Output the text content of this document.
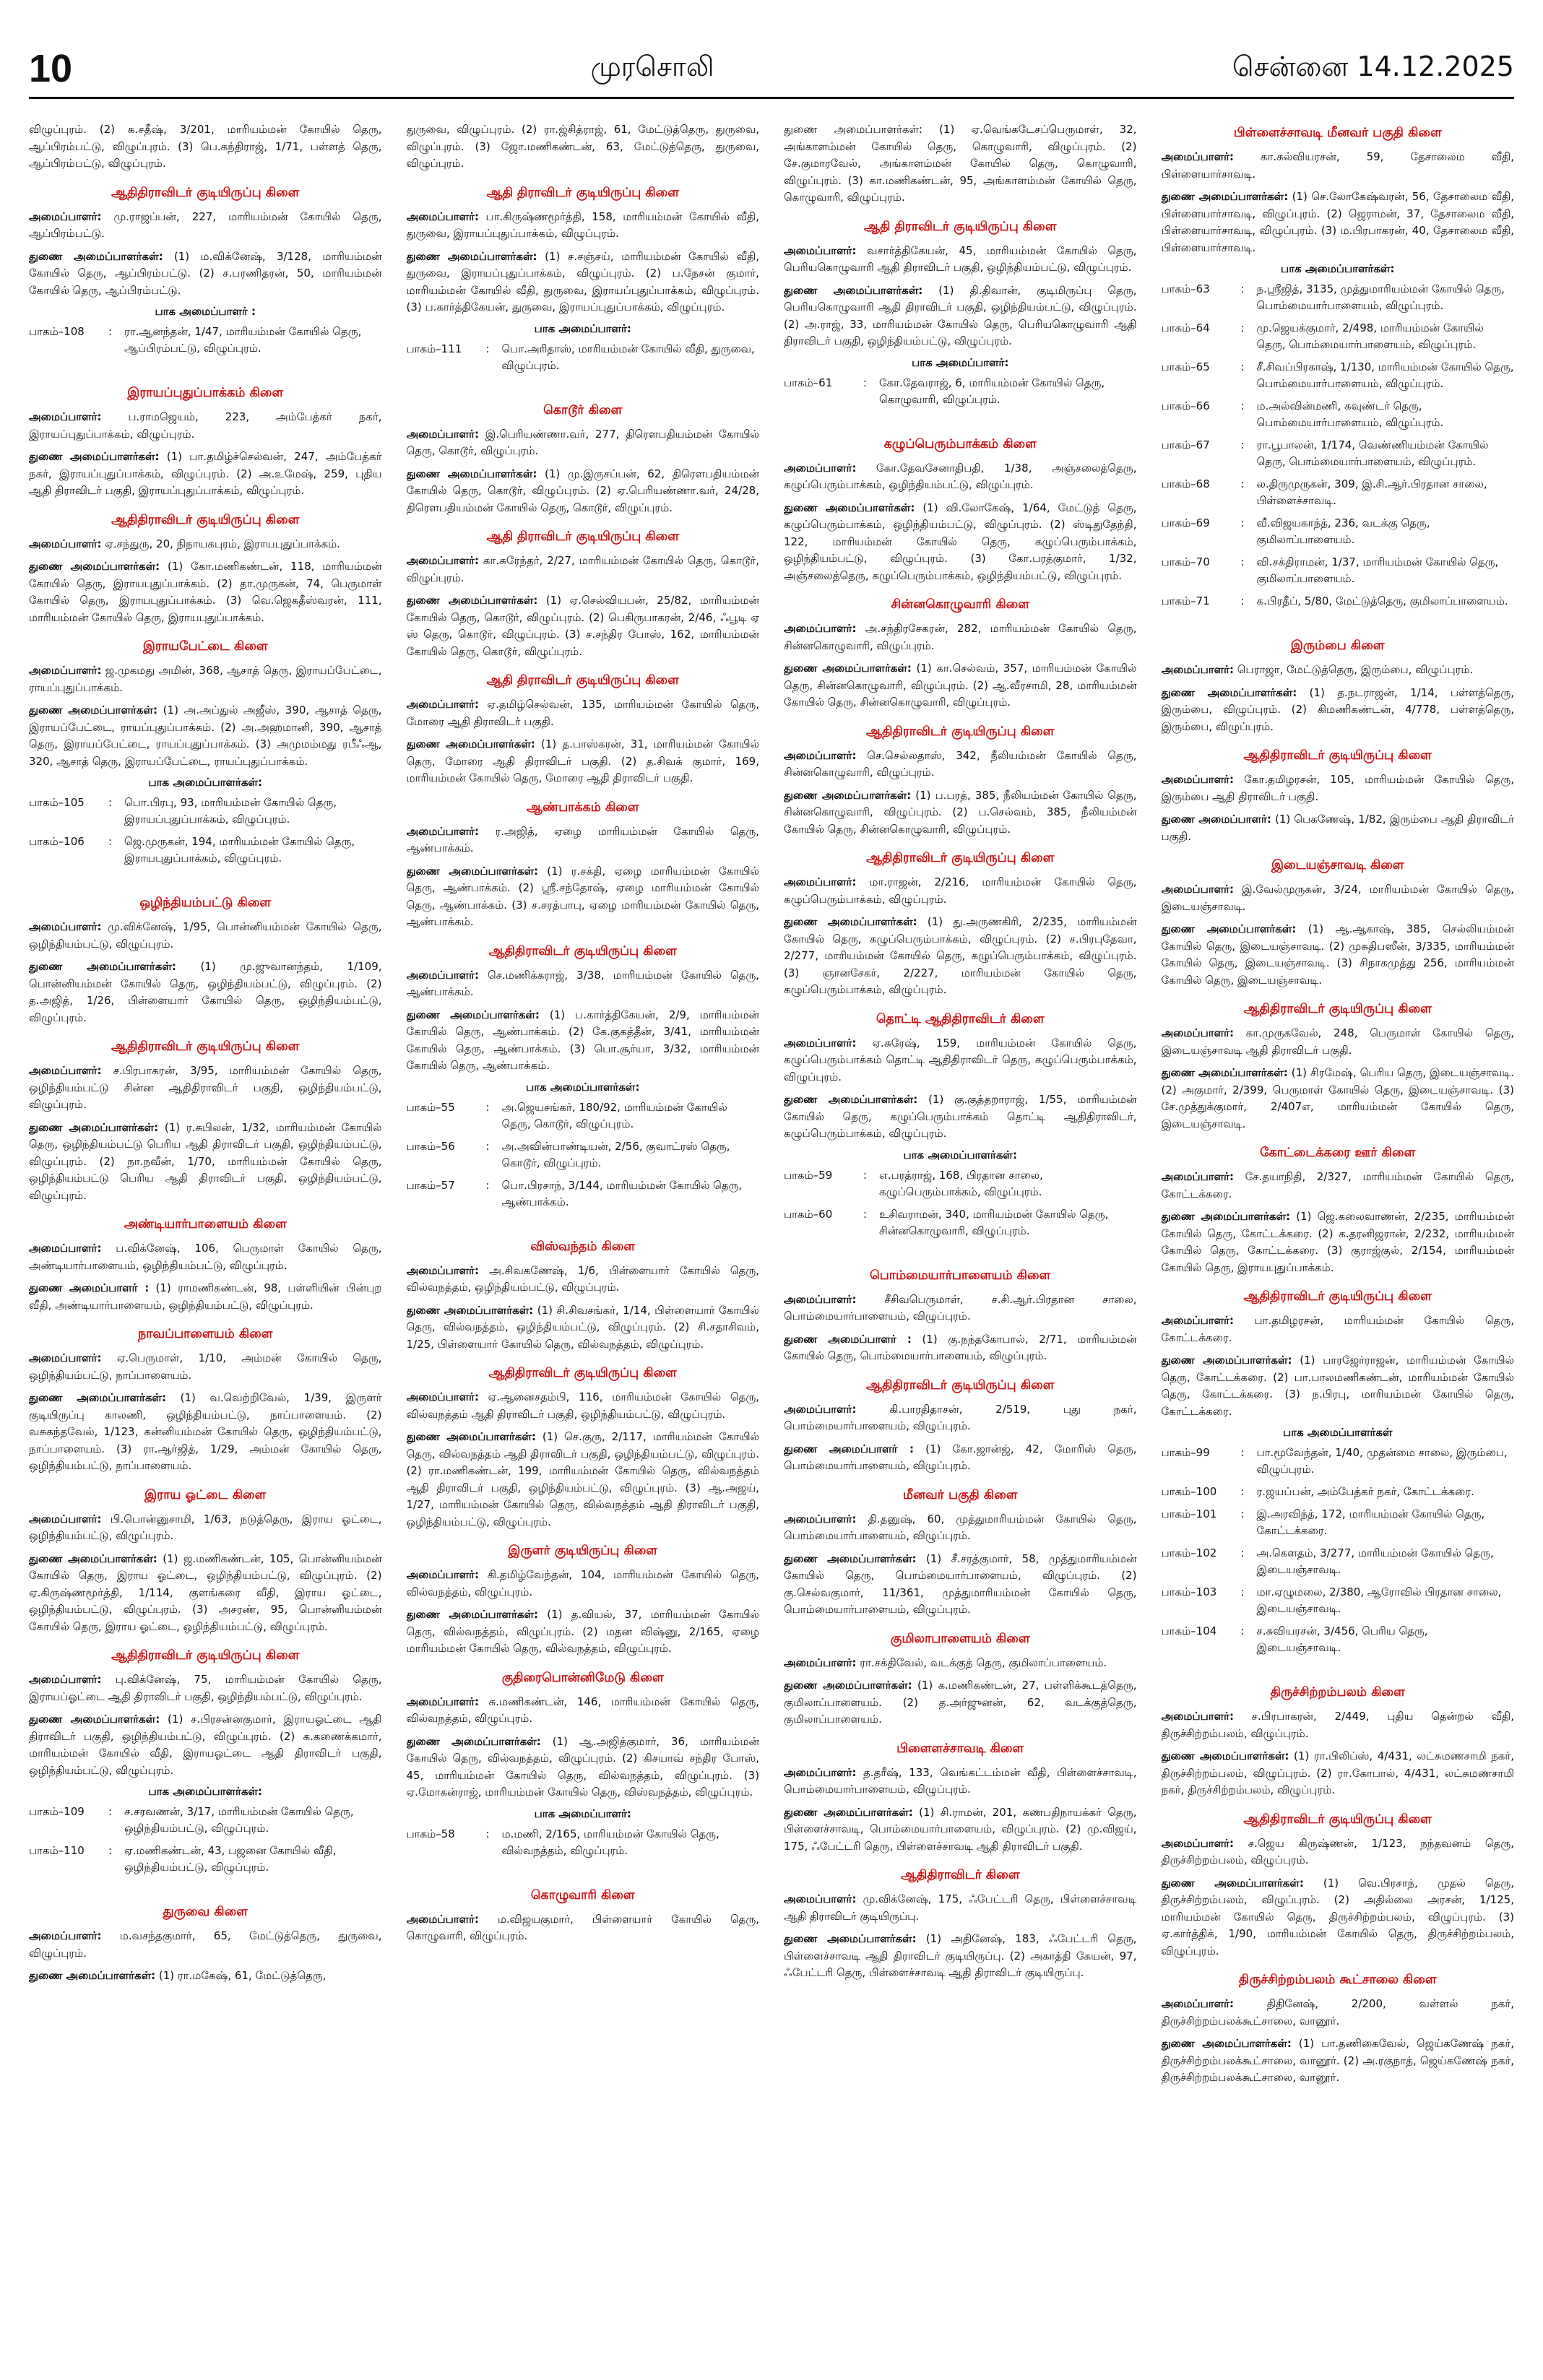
10	முரசொலி	சென்னை 14.12.2025
விழுப்புரம். (2) க.சதீஷ், 3/201, மாரியம்மன் கோயில் தெரு, ஆப்பிரம்பட்டு, விழுப்புரம். (3) பெ.கந்திராஜ், 1/71, பள்ளத் தெரு, ஆப்பிரம்பட்டு, விழுப்புரம்.
ஆதிதிராவிடர் குடியிருப்பு கிளை
அமைப்பாளர்: மு.ராஜப்பன், 227, மாரியம்மன் கோயில் தெரு, ஆப்பிரம்பட்டு.
துணை அமைப்பாளர்கள்: (1) ம.விக்னேஷ், 3/128, மாரியம்மன் கோயில் தெரு, ஆப்பிரம்பட்டு. (2) ச.பரணிதரன், 50, மாரியம்மன் கோயில் தெரு, ஆப்பிரம்பட்டு.
பாக அமைப்பாளர் :
பாகம்–108	:	ரா.ஆனந்தன், 1/47, மாரியம்மன் கோயில் தெரு, ஆப்பிரம்பட்டு, விழுப்புரம்.
இராயப்புதுப்பாக்கம் கிளை
அமைப்பாளர்: ப.ராமஜெயம், 223, அம்பேத்கர் நகர், இராயப்புதுப்பாக்கம், விழுப்புரம்.
துணை அமைப்பாளர்கள்: (1) பா.தமிழ்ச்செல்வன், 247, அம்பேத்கர் நகர், இராயப்புதுப்பாக்கம், விழுப்புரம். (2) அ.உமேஷ், 259, புதிய ஆதி திராவிடர் பகுதி, இராயப்புதுப்பாக்கம், விழுப்புரம்.
ஆதிதிராவிடர் குடியிருப்பு கிளை
அமைப்பாளர்: ஏ.சந்துரு, 20, நிநாயகபுரம், இராயபுதுப்பாக்கம்.
துணை அமைப்பாளர்கள்: (1) கோ.மணிகண்டன், 118, மாரியம்மன் கோயில் தெரு, இராயபுதுப்பாக்கம். (2) தா.முருகன், 74, பெருமாள் கோயில் தெரு, இராயபுதுப்பாக்கம். (3) வெ.ஜெகதீஸ்வரன், 111, மாரியம்மன் கோயில் தெரு, இராயபுதுப்பாக்கம்.
இராயபேட்டை கிளை
அமைப்பாளர்: ஜ.முகமது அமின், 368, ஆசாத் தெரு, இராயப்பேட்டை, ராயப்புதுப்பாக்கம்.
துணை அமைப்பாளர்கள்: (1) அ.அப்துல் அஜீஸ், 390, ஆசாத் தெரு, இராயப்பேட்டை, ராயப்புதுப்பாக்கம். (2) அ.அஹமானி, 390, ஆசாத் தெரு, இராயப்பேட்டை, ராயப்புதுப்பாக்கம். (3) அமுமம்மது ரபீஃஆ, 320, ஆசாத் தெரு, இராயப்பேட்டை, ராயப்புதுப்பாக்கம்.
பாக அமைப்பாளர்கள்:
பாகம்–105	:	பொ.பிரபு, 93, மாரியம்மன் கோயில் தெரு, இராயப்புதுப்பாக்கம், விழுப்புரம்.
பாகம்–106	:	ஜெ.முருகன், 194, மாரியம்மன் கோயில் தெரு, இராயபுதுப்பாக்கம், விழுப்புரம்.
ஒழிந்தியம்பட்டு கிளை
அமைப்பாளர்: மு.விக்னேஷ், 1/95, பொன்னியம்மன் கோயில் தெரு, ஒழிந்தியம்பட்டு, விழுப்புரம்.
துணை அமைப்பாளர்கள்: (1) மு.ஜுவானந்தம், 1/109, பொன்னியம்மன் கோயில் தெரு, ஒழிந்தியம்பட்டு, விழுப்புரம். (2) த.அஜித், 1/26, பிள்ளையார் கோயில் தெரு, ஒழிந்தியம்பட்டு, விழுப்புரம்.
ஆதிதிராவிடர் குடியிருப்பு கிளை
அமைப்பாளர்: ச.பிரபாகரன், 3/95, மாரியம்மன் கோயில் தெரு, ஒழிந்தியம்பட்டு சின்ன ஆதிதிராவிடர் பகுதி, ஒழிந்தியம்பட்டு, விழுப்புரம்.
துணை அமைப்பாளர்கள்: (1) ர.சுபிலன், 1/32, மாரியம்மன் கோயில் தெரு, ஒழிந்தியம்பட்டு பெரிய ஆதி திராவிடர் பகுதி, ஒழிந்தியம்பட்டு, விழுப்புரம். (2) நா.நவீன், 1/70, மாரியம்மன் கோயில் தெரு, ஒழிந்தியம்பட்டு பெரிய ஆதி திராவிடர் பகுதி, ஒழிந்தியம்பட்டு, விழுப்புரம்.
அண்டியார்பாளையம் கிளை
அமைப்பாளர்: ப.விக்னேஷ், 106, பெருமாள் கோயில் தெரு, அண்டியார்பாளையம், ஒழிந்தியம்பட்டு, விழுப்புரம்.
துணை அமைப்பாளர் : (1) ராமணிகண்டன், 98, பள்ளியின் பின்புற வீதி, அண்டியார்பாளையம், ஒழிந்தியம்பட்டு, விழுப்புரம்.
நாவப்பாளையம் கிளை
அமைப்பாளர்: ஏ.பெருமாள், 1/10, அம்மன் கோயில் தெரு, ஒழிந்தியம்பட்டு, நாப்பாளையம்.
துணை அமைப்பாளர்கள்: (1) வ.வெற்றிவேல், 1/39, இருளர் குடியிருப்பு காலணி, ஒழிந்தியம்பட்டு, நாப்பாளையம். (2) வசுகந்தவேல், 1/123, கன்னியம்மன் கோயில் தெரு, ஒழிந்தியம்பட்டு, நாப்பாளையம். (3) ரா.ஆர்ஜித், 1/29, அம்மன் கோயில் தெரு, ஒழிந்தியம்பட்டு, நாப்பாளையம்.
இராய ஓட்டை கிளை
அமைப்பாளர்: பி.பொன்னுசாமி, 1/63, நடுத்தெரு, இராய ஓட்டை, ஒழிந்தியம்பட்டு, விழுப்புரம்.
துணை அமைப்பாளர்கள்: (1) ஜ.மணிகண்டன், 105, பொன்னியம்மன் கோயில் தெரு, இராய ஓட்டை, ஒழிந்தியம்பட்டு, விழுப்புரம். (2) ஏ.கிருஷ்ணமூர்த்தி, 1/114, குளங்கரை வீதி, இராய ஓட்டை, ஒழிந்தியம்பட்டு, விழுப்புரம். (3) அசரண், 95, பொன்னியம்மன் கோயில் தெரு, இராய ஓட்டை, ஒழிந்தியம்பட்டு, விழுப்புரம்.
ஆதிதிராவிடர் குடியிருப்பு கிளை
அமைப்பாளர்: பு.விக்னேஷ், 75, மாரியம்மன் கோயில் தெரு, இராயப்ஓட்டை ஆதி திராவிடர் பகுதி, ஒழிந்தியம்பட்டு, விழுப்புரம்.
துணை அமைப்பாளர்கள்: (1) ச.பிரசன்னகுமார், இராயஓட்டை ஆதி திராவிடர் பகுதி, ஒழிந்தியம்பட்டு, விழுப்புரம். (2) க.கணைக்கமார், மாரியம்மன் கோயில் வீதி, இராயஓட்டை ஆதி திராவிடர் பகுதி, ஒழிந்தியம்பட்டு, விழுப்புரம்.
பாக அமைப்பாளர்கள்:
பாகம்–109	:	ச.சரவணன், 3/17, மாரியம்மன் கோயில் தெரு, ஒழிந்தியம்பட்டு, விழுப்புரம்.
பாகம்–110	:	ஏ.மணிகண்டன், 43, பஜனை கோயில் வீதி, ஒழிந்தியம்பட்டு, விழுப்புரம்.
துருவை கிளை
அமைப்பாளர்: ம.வசந்தகுமார், 65, மேட்டுத்தெரு, துருவை, விழுப்புரம்.
துணை அமைப்பாளர்கள்: (1) ரா.மகேஷ், 61, மேட்டுத்தெரு,
துருவை, விழுப்புரம். (2) ரா.ஜ்சித்ராஜ், 61, மேட்டுத்தெரு, துருவை, விழுப்புரம். (3) ஜோ.மணிகண்டன், 63, மேட்டுத்தெரு, துருவை, விழுப்புரம்.
ஆதி திராவிடர் குடியிருப்பு கிளை
அமைப்பாளர்: பா.கிருஷ்ணமூர்த்தி, 158, மாரியம்மன் கோயில் வீதி, துருவை, இராயப்புதுப்பாக்கம், விழுப்புரம்.
துணை அமைப்பாளர்கள்: (1) ச.சஞ்சய், மாரியம்மன் கோயில் வீதி, துருவை, இராயப்புதுப்பாக்கம், விழுப்புரம். (2) ப.நேசன் குமார், மாரியம்மன் கோயில் வீதி, துருவை, இராயப்புதுப்பாக்கம், விழுப்புரம். (3) ப.கார்த்திகேயன், துருவை, இராயப்புதுப்பாக்கம், விழுப்புரம்.
பாக அமைப்பாளர்:
பாகம்–111	:	பொ.அரிதாஸ், மாரியம்மன் கோயில் வீதி, துருவை, விழுப்புரம்.
கொடூர் கிளை
அமைப்பாளர்: இ.பெரியண்ணா.வர், 277, திரௌபதியம்மன் கோயில் தெரு, கொடூர், விழுப்புரம்.
துணை அமைப்பாளர்கள்: (1) மு.இருசப்பன், 62, திரௌபதியம்மன் கோயில் தெரு, கொடூர், விழுப்புரம். (2) ஏ.பெரியண்ணா.வர், 24/28, திரௌபதியம்மன் கோயில் தெரு, கொடூர், விழுப்புரம்.
ஆதி திராவிடர் குடியிருப்பு கிளை
அமைப்பாளர்: கா.சுரேந்தர், 2/27, மாரியம்மன் கோயில் தெரு, கொடூர், விழுப்புரம்.
துணை அமைப்பாளர்கள்: (1) ஏ.செல்வியபன், 25/82, மாரியம்மன் கோயில் தெரு, கொடூர், விழுப்புரம். (2) பெகிருபாகரன், 2/46, ஃபூடி ஏ ஸ் தெரு, கொடூர், விழுப்புரம். (3) ச.சந்திர போஸ், 162, மாரியம்மன் கோயில் தெரு, கொடூர், விழுப்புரம்.
ஆதி திராவிடர் குடியிருப்பு கிளை
அமைப்பாளர்: ஏ.தமிழ்செல்வன், 135, மாரியம்மன் கோயில் தெரு, மோரை ஆதி திராவிடர் பகுதி.
துணை அமைப்பாளர்கள்: (1) த.பாஸ்கரன், 31, மாரியம்மன் கோயில் தெரு, மோரை ஆதி திராவிடர் பகுதி. (2) த.சிவக் குமார், 169, மாரியம்மன் கோயில் தெரு, மோரை ஆதி திராவிடர் பகுதி.
ஆண்பாக்கம் கிளை
அமைப்பாளர்: ர.அஜித், ஏழை மாரியம்மன் கோயில் தெரு, ஆண்பாக்கம்.
துணை அமைப்பாளர்கள்: (1) ர.சக்தி, ஏழை மாரியம்மன் கோயில் தெரு, ஆண்பாக்கம். (2) ஸ்ரீ.சந்தோஷ், ஏழை மாரியம்மன் கோயில் தெரு, ஆண்பாக்கம். (3) ச.சரத்பாபு, ஏழை மாரியம்மன் கோயில் தெரு, ஆண்பாக்கம்.
ஆதிதிராவிடர் குடியிருப்பு கிளை
அமைப்பாளர்: செ.மணிக்கராஜ், 3/38, மாரியம்மன் கோயில் தெரு, ஆண்பாக்கம்.
துணை அமைப்பாளர்கள்: (1) ப.கார்த்திகேயன், 2/9, மாரியம்மன் கோயில் தெரு, ஆண்பாக்கம். (2) கே.குகத்தீன், 3/41, மாரியம்மன் கோயில் தெரு, ஆண்பாக்கம். (3) பொ.சூர்யா, 3/32, மாரியம்மன் கோயில் தெரு, ஆண்பாக்கம்.
பாக அமைப்பாளர்கள்:
பாகம்–55	:	அ.ஜெயசங்கர், 180/92, மாரியம்மன் கோயில் தெரு, கொடூர், விழுப்புரம்.
பாகம்–56	:	அ.அவின்பாண்டியன், 2/56, குவாட்ரஸ் தெரு, கொடூர், விழுப்புரம்.
பாகம்–57	:	பொ.பிரசாந், 3/144, மாரியம்மன் கோயில் தெரு, ஆண்பாக்கம்.
விஸ்வந்தம் கிளை
அமைப்பாளர்: அ.சிவகணேஷ், 1/6, பிள்ளையார் கோயில் தெரு, வில்வநத்தம், ஒழிந்தியம்பட்டு, விழுப்புரம்.
துணை அமைப்பாளர்கள்: (1) சி.சிவசங்கர், 1/14, பிள்ளையார் கோயில் தெரு, வில்வநத்தம், ஒழிந்தியம்பட்டு, விழுப்புரம். (2) சி.சதாசிவம், 1/25, பிள்ளையார் கோயில் தெரு, வில்வநத்தம், விழுப்புரம்.
ஆதிதிராவிடர் குடியிருப்பு கிளை
அமைப்பாளர்: ஏ.ஆனைசதம்பி, 116, மாரியம்மன் கோயில் தெரு, வில்வநத்தம் ஆதி திராவிடர் பகுதி, ஒழிந்தியம்பட்டு, விழுப்புரம்.
துணை அமைப்பாளர்கள்: (1) செ.குரு, 2/117, மாரியம்மன் கோயில் தெரு, வில்வநத்தம் ஆதி திராவிடர் பகுதி, ஒழிந்தியம்பட்டு, விழுப்புரம். (2) ரா.மணிகண்டன், 199, மாரியம்மன் கோயில் தெரு, வில்வநத்தம் ஆதி திராவிடர் பகுதி, ஒழிந்தியம்பட்டு, விழுப்புரம். (3) ஆ.அஜய், 1/27, மாரியம்மன் கோயில் தெரு, வில்வநத்தம் ஆதி திராவிடர் பகுதி, ஒழிந்தியம்பட்டு, விழுப்புரம்.
இருளர் குடியிருப்பு கிளை
அமைப்பாளர்: கி.தமிழ்வேந்தன், 104, மாரியம்மன் கோயில் தெரு, வில்வநத்தம், விழுப்புரம்.
துணை அமைப்பாளர்கள்: (1) த.வியல், 37, மாரியம்மன் கோயில் தெரு, வில்வநத்தம், விழுப்புரம். (2) மதன விஷ்னு, 2/165, ஏழை மாரியம்மன் கோயில் தெரு, வில்வநத்தம், விழுப்புரம்.
குதிரைபொன்னிமேடு கிளை
அமைப்பாளர்: சு.மணிகண்டன், 146, மாரியம்மன் கோயில் தெரு, வில்வநத்தம், விழுப்புரம்.
துணை அமைப்பாளர்கள்: (1) ஆ.அஜித்குமார், 36, மாரியம்மன் கோயில் தெரு, வில்வநத்தம், விழுப்புரம். (2) கிசயாவ் சந்திர போஸ், 45, மாரியம்மன் கோயில் தெரு, வில்வநத்தம், விழுப்புரம். (3) ஏ.மோகன்ராஜ், மாரியம்மன் கோயில் தெரு, விஸ்வநத்தம், விழுப்புரம்.
பாக அமைப்பாளர்:
பாகம்–58	:	ம.மணி, 2/165, மாரியம்மன் கோயில் தெரு, வில்வநத்தம், விழுப்புரம்.
கொழுவாரி கிளை
அமைப்பாளர்: ம.விஜயகுமார், பிள்ளையார் கோயில் தெரு, கொழுவாரி, விழுப்புரம்.
துணை அமைப்பாளர்கள்: (1) ஏ.வெங்கடேசப்பெருமாள், 32, அங்காளம்மன் கோயில் தெரு, கொழுவாரி, விழுப்புரம். (2) சே.குமாரவேல், அங்காளம்மன் கோயில் தெரு, கொழுவாரி, விழுப்புரம். (3) கா.மணிகண்டன், 95, அங்காளம்மன் கோயில் தெரு, கொழுவாரி, விழுப்புரம்.
ஆதி திராவிடர் குடியிருப்பு கிளை
அமைப்பாளர்: வசார்த்திகேயன், 45, மாரியம்மன் கோயில் தெரு, பெரியகொழுவாரி ஆதி திராவிடர் பகுதி, ஒழிந்தியம்பட்டு, விழுப்புரம்.
துணை அமைப்பாளர்கள்: (1) தி.திவான், குடிமிருப்பு தெரு, பெரியகொழுவாரி ஆதி திராவிடர் பகுதி, ஒழிந்தியம்பட்டு, விழுப்புரம். (2) அ.ராஜ், 33, மாரியம்மன் கோயில் தெரு, பெரியகொழுவாரி ஆதி திராவிடர் பகுதி, ஒழிந்தியம்பட்டு, விழுப்புரம்.
பாக அமைப்பாளர்:
பாகம்–61	:	கோ.தேவராஜ், 6, மாரியம்மன் கோயில் தெரு, கொழுவாரி, விழுப்புரம்.
கழுப்பெரும்பாக்கம் கிளை
அமைப்பாளர்: கோ.தேவசேனாதிபதி, 1/38, அஞ்சலைத்தெரு, கழுப்பெரும்பாக்கம், ஒழிந்தியம்பட்டு, விழுப்புரம்.
துணை அமைப்பாளர்கள்: (1) வி.லோகேஷ், 1/64, மேட்டுத் தெரு, கழுப்பெரும்பாக்கம், ஒழிந்தியம்பட்டு, விழுப்புரம். (2) ஸ்டிதுதேந்தி, 122, மாரியம்மன் கோயில் தெரு, கழுப்பெரும்பாக்கம், ஒழிந்தியம்பட்டு, விழுப்புரம். (3) கோ.பரத்குமார், 1/32, அஞ்சலைத்தெரு, கழுப்பெரும்பாக்கம், ஒழிந்தியம்பட்டு, விழுப்புரம்.
சின்னகொழுவாரி கிளை
அமைப்பாளர்: அ.சந்திரசேகரன், 282, மாரியம்மன் கோயில் தெரு, சின்னகொழுவாரி, விழுப்புரம்.
துணை அமைப்பாளர்கள்: (1) கா.செல்வம், 357, மாரியம்மன் கோயில் தெரு, சின்னகொழுவாரி, விழுப்புரம். (2) ஆ.வீரசாமி, 28, மாரியம்மன் கோயில் தெரு, சின்னகொழுவாரி, விழுப்புரம்.
ஆதிதிராவிடர் குடியிருப்பு கிளை
அமைப்பாளர்: செ.செல்லதாஸ், 342, நீலியம்மன் கோயில் தெரு, சின்னகொழுவாரி, விழுப்புரம்.
துணை அமைப்பாளர்கள்: (1) ப.பரத், 385, நீலியம்மன் கோயில் தெரு, சின்னகொழுவாரி, விழுப்புரம். (2) ப.செல்வம், 385, நீலியம்மன் கோயில் தெரு, சின்னகொழுவாரி, விழுப்புரம்.
ஆதிதிராவிடர் குடியிருப்பு கிளை
அமைப்பாளர்: மா.ராஜன், 2/216, மாரியம்மன் கோயில் தெரு, கழுப்பெரும்பாக்கம், விழுப்புரம்.
துணை அமைப்பாளர்கள்: (1) து.அருணகிரி, 2/235, மாரியம்மன் கோயில் தெரு, கழுப்பெரும்பாக்கம், விழுப்புரம். (2) ச.பிரபுதேவா, 2/277, மாரியம்மன் கோயில் தெரு, கழுப்பெரும்பாக்கம், விழுப்புரம். (3) ஞானசேகர், 2/227, மாரியம்மன் கோயில் தெரு, கழுப்பெரும்பாக்கம், விழுப்புரம்.
தொட்டி ஆதிதிராவிடர் கிளை
அமைப்பாளர்: ஏ.சுரேஷ், 159, மாரியம்மன் கோயில் தெரு, கழுப்பெரும்பாக்கம் தொட்டி ஆதிதிராவிடர் தெரு, கழுப்பெரும்பாக்கம், விழுப்புரம்.
துணை அமைப்பாளர்கள்: (1) கு.குத்தறாராஜ், 1/55, மாரியம்மன் கோயில் தெரு, கழுப்பெரும்பாக்கம் தொட்டி ஆதிதிராவிடர், கழுப்பெரும்பாக்கம், விழுப்புரம்.
பாக அமைப்பாளர்கள்:
பாகம்–59	:	எ.பரத்ராஜ், 168, பிரதான சாலை, கழுப்பெரும்பாக்கம், விழுப்புரம்.
பாகம்–60	:	உசிவராமன், 340, மாரியம்மன் கோயில் தெரு, சின்னகொழுவாரி, விழுப்புரம்.
பொம்மையார்பாளையம் கிளை
அமைப்பாளர்: சீசிவபெருமாள், ச.சி.ஆர்.பிரதான சாலை, பொம்மையார்பாளையம், விழுப்புரம்.
துணை அமைப்பாளர் : (1) கு.நந்தகோபால், 2/71, மாரியம்மன் கோயில் தெரு, பொம்மையார்பாளையம், விழுப்புரம்.
ஆதிதிராவிடர் குடியிருப்பு கிளை
அமைப்பாளர்: கி.பாரதிதாசன், 2/519, புது நகர், பொம்மையார்பாளையம், விழுப்புரம்.
துணை அமைப்பாளர் : (1) கோ.ஜான்ஜ், 42, மோரிஸ் தெரு, பொம்மையார்பாளையம், விழுப்புரம்.
மீனவர் பகுதி கிளை
அமைப்பாளர்: தி.தனுஷ், 60, முத்துமாரியம்மன் கோயில் தெரு, பொம்மையார்பாளையம், விழுப்புரம்.
துணை அமைப்பாளர்கள்: (1) சீ.சரத்குமார், 58, முத்துமாரியம்மன் கோயில் தெரு, பொம்மையார்பாளையம், விழுப்புரம். (2) கு.செல்வகுமார், 11/361, முத்துமாரியம்மன் கோயில் தெரு, பொம்மையார்பாளையம், விழுப்புரம்.
குமிலாபாளையம் கிளை
அமைப்பாளர்: ரா.சக்திவேல், வடக்குத் தெரு, குமிலாப்பாளையம்.
துணை அமைப்பாளர்கள்: (1) க.மணிகண்டன், 27, பள்ளிக்கூடத்தெரு, குமிலாப்பாளையம். (2) த.அர்ஜுனன், 62, வடக்குத்தெரு, குமிலாப்பாளையம்.
பிளைளச்சாவடி கிளை
அமைப்பாளர்: த.தரீஷ், 133, வெங்கட்டம்மன் வீதி, பிள்ளைச்சாவடி, பொம்மையார்பாளையம், விழுப்புரம்.
துணை அமைப்பாளர்கள்: (1) சி.ராமன், 201, கணபதிநாயக்கர் தெரு, பிள்ளைச்சாவடி, பொம்மையார்பாளையம், விழுப்புரம். (2) மு.விஜய், 175, ஃபேட்டரி தெரு, பிள்ளைச்சாவடி ஆதி திராவிடர் பகுதி.
ஆதிதிராவிடர் கிளை
அமைப்பாளர்: மு.விக்னேஷ், 175, ஃபேட்டரி தெரு, பிள்ளைச்சாவடி ஆதி திராவிடர் குடியிருப்பு.
துணை அமைப்பாளர்கள்: (1) அதினேஷ், 183, ஃபேட்டரி தெரு, பிள்ளைச்சாவடி ஆதி திராவிடர் குடியிருப்பு. (2) அகாத்தி கேயன், 97, ஃபேட்டரி தெரு, பிள்ளைச்சாவடி ஆதி திராவிடர் குடியிருப்பு.
பிள்ளைச்சாவடி மீனவர் பகுதி கிளை
அமைப்பாளர்: கா.சுல்வியரசன், 59, தேசாலைம வீதி, பிள்ளையார்சாவடி.
துணை அமைப்பாளர்கள்: (1) செ.லோகேஷ்வரன், 56, தேசாலைம வீதி, பிள்ளையார்சாவடி, விழுப்புரம். (2) ஜெராமன், 37, தேசாலைம வீதி, பிள்ளையார்சாவடி, விழுப்புரம். (3) ம.பிரபாகரன், 40, தேசாலைம வீதி, பிள்ளையார்சாவடி.
பாக அமைப்பாளர்கள்:
பாகம்–63	:	ந.ஸ்ரீஜித், 3135, முத்துமாரியம்மன் கோயில் தெரு, பொம்மையார்பாளையம், விழுப்புரம்.
பாகம்–64	:	மு.ஜெயக்குமார், 2/498, மாரியம்மன் கோயில் தெரு, பொம்மையார்பாளையம், விழுப்புரம்.
பாகம்–65	:	சீ.சிவப்பிரகாஷ், 1/130, மாரியம்மன் கோயில் தெரு, பொம்மையார்பாளையம், விழுப்புரம்.
பாகம்–66	:	ம.அல்வின்மணி, கவுண்டர் தெரு, பொம்மையார்பாளையம், விழுப்புரம்.
பாகம்–67	:	ரா.பூபாலன், 1/174, வெண்ணியம்மன் கோயில் தெரு, பொம்மையார்பாளையம், விழுப்புரம்.
பாகம்–68	:	ல.திருமுருகன், 309, இ.சி.ஆர்.பிரதான சாலை, பிள்ளைச்சாவடி.
பாகம்–69	:	வீ.விஜயகாந்த், 236, வடக்கு தெரு, குமிலாப்பாளையம்.
பாகம்–70	:	வி.சக்திராமன், 1/37, மாரியம்மன் கோயில் தெரு, குமிலாப்பாளையம்.
பாகம்–71	:	க.பிரதீப், 5/80, மேட்டுத்தெரு, குமிலாப்பாளையம்.
இரும்பை கிளை
அமைப்பாளர்: பெராஜா, மேட்டுத்தெரு, இரும்பை, விழுப்புரம்.
துணை அமைப்பாளர்கள்: (1) த.நடராஜன், 1/14, பள்ளத்தெரு, இரும்பை, விழுப்புரம். (2) கிமணிகண்டன், 4/778, பள்ளத்தெரு, இரும்பை, விழுப்புரம்.
ஆதிதிராவிடர் குடியிருப்பு கிளை
அமைப்பாளர்: கோ.தமிழரசன், 105, மாரியம்மன் கோயில் தெரு, இரும்பை ஆதி திராவிடர் பகுதி.
துணை அமைப்பாளர்: (1) பெகணேஷ், 1/82, இரும்பை ஆதி திராவிடர் பகுதி.
இடையஞ்சாவடி கிளை
அமைப்பாளர்: இ.வேல்முருகன், 3/24, மாரியம்மன் கோயில் தெரு, இடையஞ்சாவடி.
துணை அமைப்பாளர்கள்: (1) ஆ.ஆகாஷ், 385, செல்லியம்மன் கோயில் தெரு, இடையஞ்சாவடி. (2) முசுதிபஸீன், 3/335, மாரியம்மன் கோயில் தெரு, இடையஞ்சாவடி. (3) சிநாகமுத்து 256, மாரியம்மன் கோயில் தெரு, இடையஞ்சாவடி.
ஆதிதிராவிடர் குடியிருப்பு கிளை
அமைப்பாளர்: கா.முருகவேல், 248, பெருமாள் கோயில் தெரு, இடையஞ்சாவடி ஆதி திராவிடர் பகுதி.
துணை அமைப்பாளர்கள்: (1) சிரமேஷ், பெரிய தெரு, இடையஞ்சாவடி. (2) அகுமார், 2/399, பெருமாள் கோயில் தெரு, இடையஞ்சாவடி. (3) சே.முத்துக்குமார், 2/407எ, மாரியம்மன் கோயில் தெரு, இடையஞ்சாவடி.
கோட்டைக்கரை ஊர் கிளை
அமைப்பாளர்: சே.தயாநிதி, 2/327, மாரியம்மன் கோயில் தெரு, கோட்டக்கரை.
துணை அமைப்பாளர்கள்: (1) ஜெ.கலைவாணன், 2/235, மாரியம்மன் கோயில் தெரு, கோட்டக்கரை. (2) க.தரனிஜரான், 2/232, மாரியம்மன் கோயில் தெரு, கோட்டக்கரை. (3) குராஜ்குல், 2/154, மாரியம்மன் கோயில் தெரு, இராயபுதுப்பாக்கம்.
ஆதிதிராவிடர் குடியிருப்பு கிளை
அமைப்பாளர்: பா.தமிழரசன், மாரியம்மன் கோயில் தெரு, கோட்டக்கரை.
துணை அமைப்பாளர்கள்: (1) பாரஜேர்ராஜன், மாரியம்மன் கோயில் தெரு, கோட்டக்கரை. (2) பா.பாலமணிகண்டன், மாரியம்மன் கோயில் தெரு, கோட்டக்கரை. (3) ந.பிரபு, மாரியம்மன் கோயில் தெரு, கோட்டக்கரை.
பாக அமைப்பாளர்கள்
பாகம்–99	:	பா.மூவேந்தன், 1/40, முதன்மை சாலை, இரும்பை, விழுப்புரம்.
பாகம்–100	:	ர.ஜயப்பன், அம்பேத்கர் நகர், கோட்டக்கரை.
பாகம்–101	:	இ.அரவிந்த், 172, மாரியம்மன் கோயில் தெரு, கோட்டக்கரை.
பாகம்–102	:	அ.கௌதம், 3/277, மாரியம்மன் கோயில் தெரு, இடையஞ்சாவடி.
பாகம்–103	:	மா.ஏழுமலை, 2/380, ஆரோவில் பிரதான சாலை, இடையஞ்சாவடி.
பாகம்–104	:	ச.சுவியரசன், 3/456, பெரிய தெரு, இடையஞ்சாவடி.
திருச்சிற்றம்பலம் கிளை
அமைப்பாளர்: ச.பிரபாகரன், 2/449, புதிய தென்றல் வீதி, திருச்சிற்றம்பலம், விழுப்புரம்.
துணை அமைப்பாளர்கள்: (1) ரா.பிலிப்ஸ், 4/431, லட்சுமணசாமி நகர், திருச்சிற்றம்பலம், விழுப்புரம். (2) ரா.கோபால், 4/431, லட்சுமணசாமி நகர், திருச்சிற்றம்பலம், விழுப்புரம்.
ஆதிதிராவிடர் குடியிருப்பு கிளை
அமைப்பாளர்: ச.ஜெய கிருஷ்ணன், 1/123, நந்தவனம் தெரு, திருச்சிற்றம்பலம், விழுப்புரம்.
துணை அமைப்பாளர்கள்: (1) வெ.பிரசாந், முதல் தெரு, திருச்சிற்றம்பலம், விழுப்புரம். (2) அதில்லை அரசன், 1/125, மாரியம்மன் கோயில் தெரு, திருச்சிற்றம்பலம், விழுப்புரம். (3) ஏ.கார்த்திக், 1/90, மாரியம்மன் கோயில் தெரு, திருச்சிற்றம்பலம், விழுப்புரம்.
திருச்சிற்றம்பலம் கூட்சாலை கிளை
அமைப்பாளர்: திதினேஷ், 2/200, வள்ளல் நகர், திருச்சிற்றம்பலக்கூட்சாலை, வானூர்.
துணை அமைப்பாளர்கள்: (1) பா.தணிகைவேல், ஜெய்கணேஷ் நகர், திருச்சிற்றம்பலக்கூட்சாலை, வானூர். (2) அ.ரகுநாத், ஜெய்கணேஷ் நகர், திருச்சிற்றம்பலக்கூட்சாலை, வானூர்.
